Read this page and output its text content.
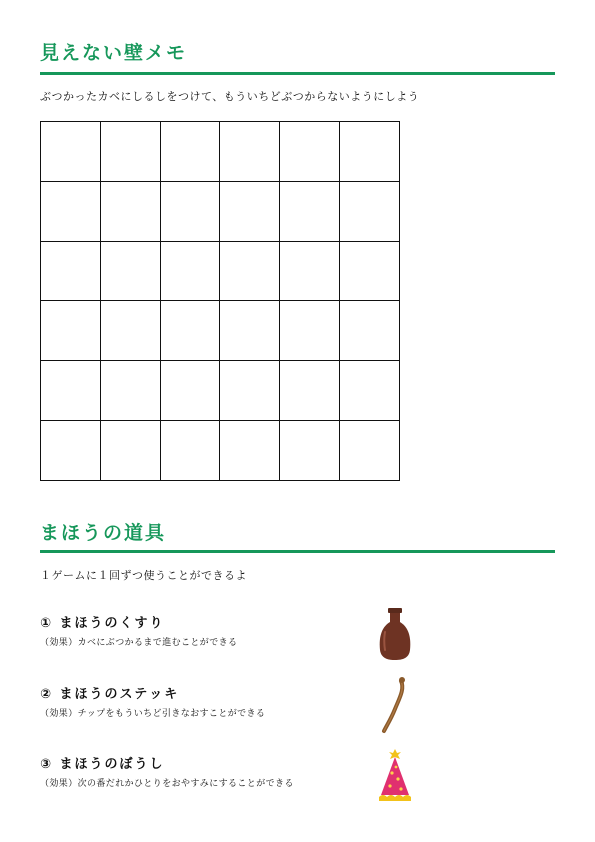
見えない壁メモ

ぶつかったカベにしるしをつけて、もういちどぶつからないようにしよう

まほうの道具

１ゲームに１回ずつ使うことができるよ

① まほうのくすり

（効果）カベにぶつかるまで進むことができる

② まほうのステッキ

（効果）チップをもういちど引きなおすことができる

③ まほうのぼうし

（効果）次の番だれかひとりをおやすみにすることができる
